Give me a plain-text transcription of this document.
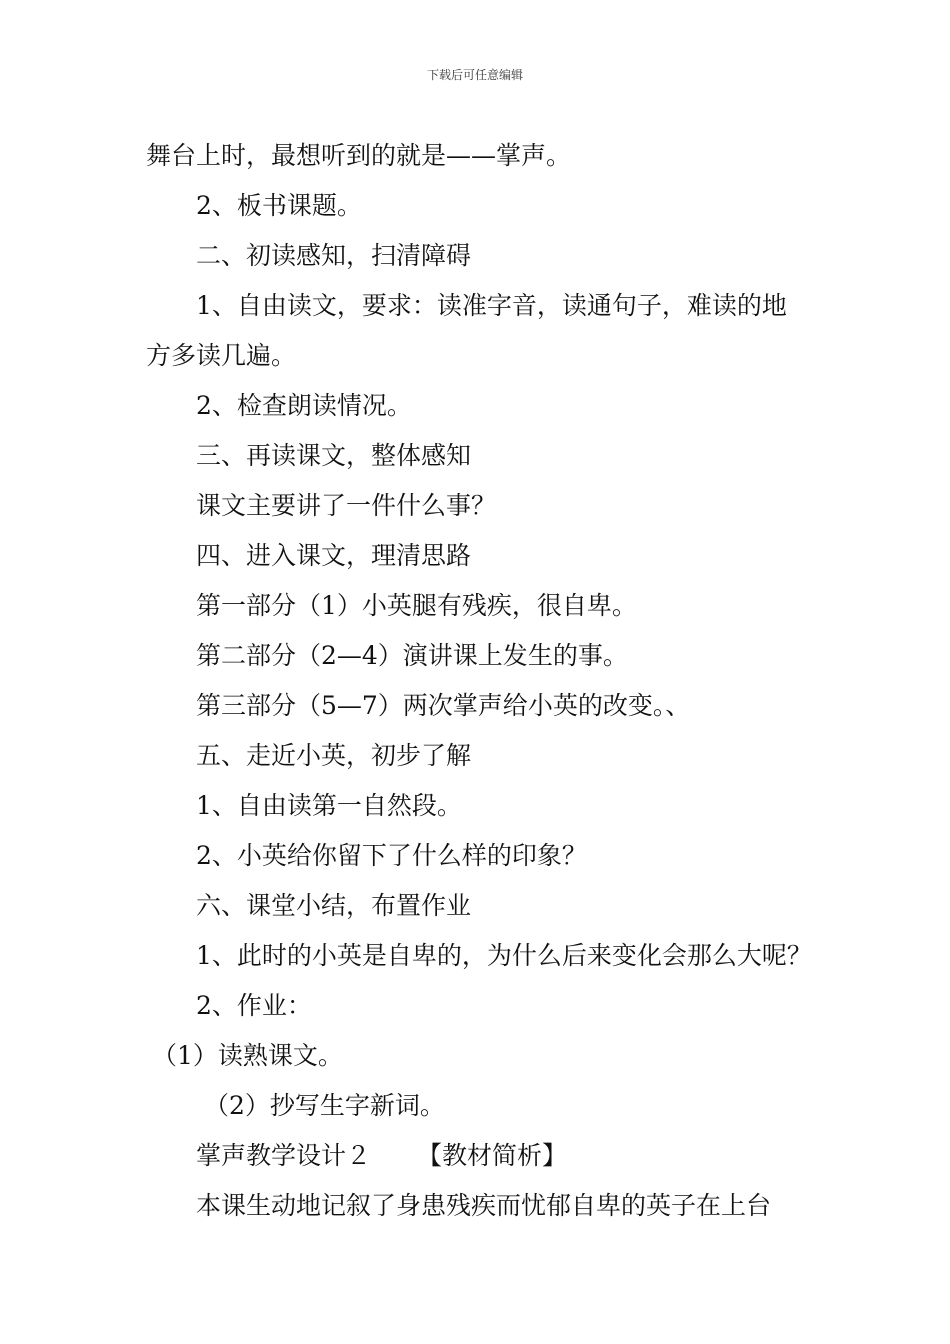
下载后可任意编辑
舞台上时，最想听到的就是——掌声。
2、板书课题。
二、初读感知，扫清障碍
1、自由读文，要求：读准字音，读通句子，难读的地
方多读几遍。
2、检查朗读情况。
三、再读课文，整体感知
课文主要讲了一件什么事？
四、进入课文，理清思路
第一部分（1）小英腿有残疾，很自卑。
第二部分（2—4）演讲课上发生的事。
第三部分（5—7）两次掌声给小英的改变。、
五、走近小英，初步了解
1、自由读第一自然段。
2、小英给你留下了什么样的印象？
六、课堂小结，布置作业
1、此时的小英是自卑的，为什么后来变化会那么大呢？
2、作业：
（1）读熟课文。
（2）抄写生字新词。
掌声教学设计２ 【教材简析】
本课生动地记叙了身患残疾而忧郁自卑的英子在上台
